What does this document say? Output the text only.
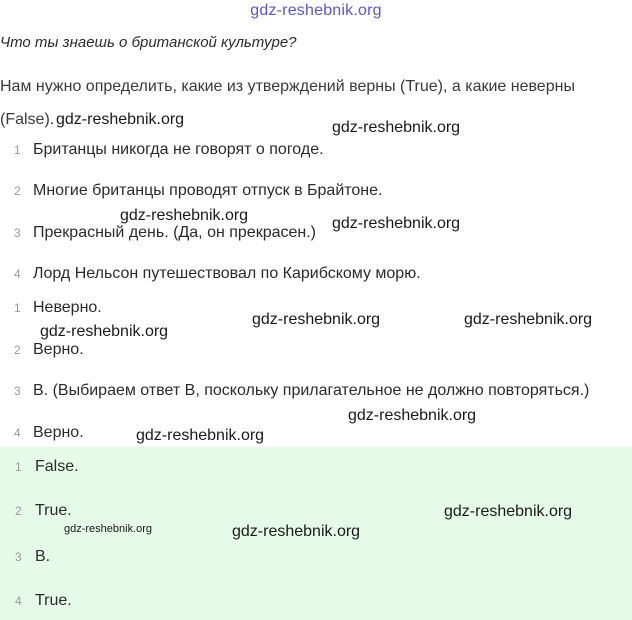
gdz-reshebnik.org
Что ты знаешь о британской культуре?
Нам нужно определить, какие из утверждений верны (True), а какие неверны (False).
1 Британцы никогда не говорят о погоде.
2 Многие британцы проводят отпуск в Брайтоне.
3 Прекрасный день. (Да, он прекрасен.)
4 Лорд Нельсон путешествовал по Карибскому морю.
1 Неверно.
2 Верно.
3 В. (Выбираем ответ В, поскольку прилагательное не должно повторяться.)
4 Верно.
1 False.
2 True.
3 B.
4 True.
gdz-reshebnik.org	gdz-reshebnik.org
gdz-reshebnik.org	gdz-reshebnik.org
gdz-reshebnik.org
gdz-reshebnik.org	gdz-reshebnik.org
gdz-reshebnik.org
gdz-reshebnik.org
gdz-reshebnik.org
gdz-reshebnik.org	gdz-reshebnik.org
